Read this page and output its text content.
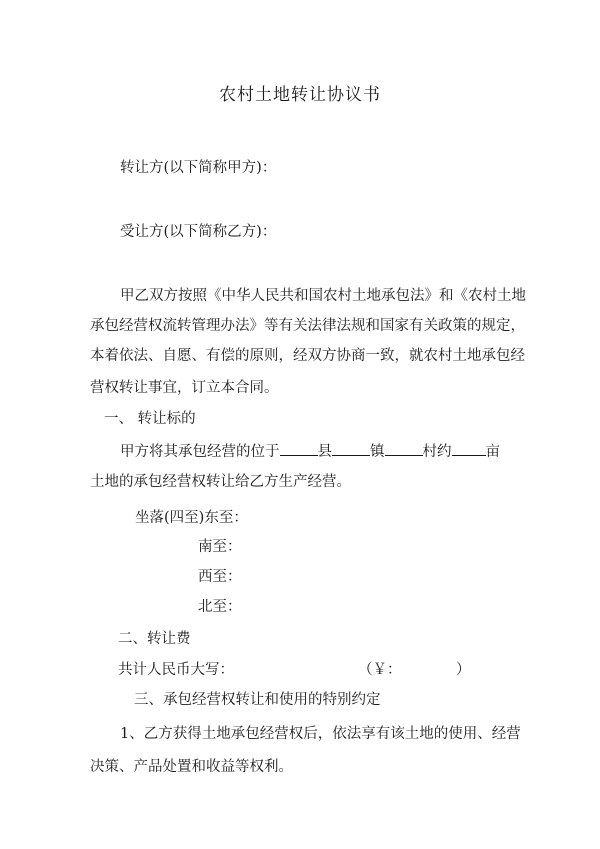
农村土地转让协议书
转让方(以下简称甲方)：
受让方(以下简称乙方)：
甲乙双方按照《中华人民共和国农村土地承包法》和《农村土地
承包经营权流转管理办法》等有关法律法规和国家有关政策的规定，
本着依法、自愿、有偿的原则，经双方协商一致，就农村土地承包经
营权转让事宜，订立本合同。
一、 转让标的
甲方将其承包经营的位于	县	镇	村约 亩
土地的承包经营权转让给乙方生产经营。
坐落(四至)东至：
南至：
西至：
北至：
二、转让费
共计人民币大写：	（￥：	）
三、承包经营权转让和使用的特别约定
1、乙方获得土地承包经营权后，依法享有该土地的使用、经营
决策、产品处置和收益等权利。
